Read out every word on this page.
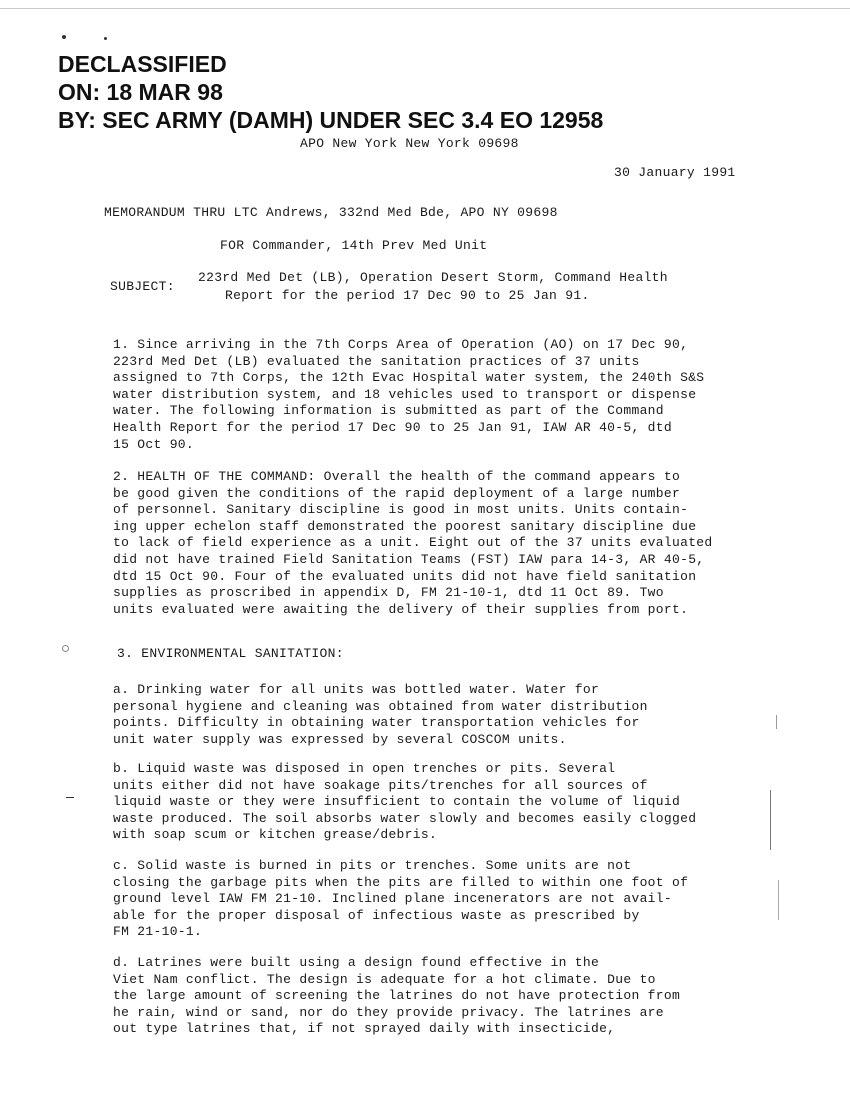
DECLASSIFIED
ON: 18 MAR 98
BY: SEC ARMY (DAMH) UNDER SEC 3.4 EO 12958
APO New York New York 09698
30 January 1991
MEMORANDUM THRU LTC Andrews, 332nd Med Bde, APO NY 09698
FOR Commander, 14th Prev Med Unit
SUBJECT:
223rd Med Det (LB), Operation Desert Storm, Command Health
Report for the period 17 Dec 90 to 25 Jan 91.
1. Since arriving in the 7th Corps Area of Operation (AO) on 17 Dec 90,
223rd Med Det (LB) evaluated the sanitation practices of 37 units
assigned to 7th Corps, the 12th Evac Hospital water system, the 240th S&S
water distribution system, and 18 vehicles used to transport or dispense
water. The following information is submitted as part of the Command
Health Report for the period 17 Dec 90 to 25 Jan 91, IAW AR 40-5, dtd
15 Oct 90.
2. HEALTH OF THE COMMAND: Overall the health of the command appears to
be good given the conditions of the rapid deployment of a large number
of personnel. Sanitary discipline is good in most units. Units contain-
ing upper echelon staff demonstrated the poorest sanitary discipline due
to lack of field experience as a unit. Eight out of the 37 units evaluated
did not have trained Field Sanitation Teams (FST) IAW para 14-3, AR 40-5,
dtd 15 Oct 90. Four of the evaluated units did not have field sanitation
supplies as proscribed in appendix D, FM 21-10-1, dtd 11 Oct 89. Two
units evaluated were awaiting the delivery of their supplies from port.
3. ENVIRONMENTAL SANITATION:
a. Drinking water for all units was bottled water. Water for
personal hygiene and cleaning was obtained from water distribution
points. Difficulty in obtaining water transportation vehicles for
unit water supply was expressed by several COSCOM units.
b. Liquid waste was disposed in open trenches or pits. Several
units either did not have soakage pits/trenches for all sources of
liquid waste or they were insufficient to contain the volume of liquid
waste produced. The soil absorbs water slowly and becomes easily clogged
with soap scum or kitchen grease/debris.
c. Solid waste is burned in pits or trenches. Some units are not
closing the garbage pits when the pits are filled to within one foot of
ground level IAW FM 21-10. Inclined plane incenerators are not avail-
able for the proper disposal of infectious waste as prescribed by
FM 21-10-1.
d. Latrines were built using a design found effective in the
Viet Nam conflict. The design is adequate for a hot climate. Due to
the large amount of screening the latrines do not have protection from
he rain, wind or sand, nor do they provide privacy. The latrines are
out type latrines that, if not sprayed daily with insecticide,
